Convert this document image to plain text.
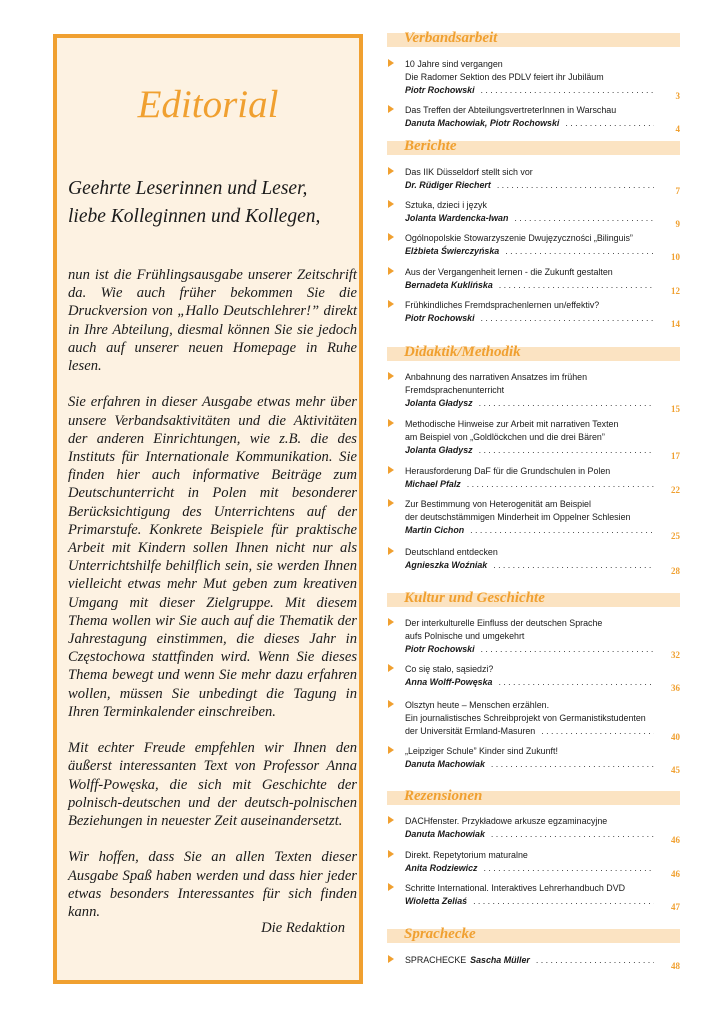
Editorial
Geehrte Leserinnen und Leser,
liebe Kolleginnen und Kollegen,

nun ist die Frühlingsausgabe unserer Zeitschrift da. Wie auch früher bekommen Sie die Druckversion von „Hallo Deutschlehrer!” direkt in Ihre Abteilung, diesmal können Sie sie jedoch auch auf unserer neuen Homepage in Ruhe lesen.

Sie erfahren in dieser Ausgabe etwas mehr über unsere Verbandsaktivitäten und die Aktivitäten der anderen Einrichtungen, wie z.B. die des Instituts für Internationale Kommunikation. Sie finden hier auch informative Beiträge zum Deutschunterricht in Polen mit besonderer Berücksichtigung des Unterrichtens auf der Primarstufe. Konkrete Beispiele für praktische Arbeit mit Kindern sollen Ihnen nicht nur als Unterrichtshilfe behilflich sein, sie werden Ihnen vielleicht etwas mehr Mut geben zum kreativen Umgang mit dieser Zielgruppe. Mit diesem Thema wollen wir Sie auch auf die Thematik der Jahrestagung einstimmen, die dieses Jahr in Częstochowa stattfinden wird. Wenn Sie dieses Thema bewegt und wenn Sie mehr dazu erfahren wollen, müssen Sie unbedingt die Tagung in Ihren Terminkalender einschreiben.

Mit echter Freude empfehlen wir Ihnen den äußerst interessanten Text von Professor Anna Wolff-Powęska, die sich mit Geschichte der polnisch-deutschen und der deutsch-polnischen Beziehungen in neuester Zeit auseinandersetzt.

Wir hoffen, dass Sie an allen Texten dieser Ausgabe Spaß haben werden und dass hier jeder etwas besonders Interessantes für sich finden kann.

Die Redaktion
Verbandsarbeit
10 Jahre sind vergangen
Die Radomer Sektion des PDLV feiert ihr Jubiläum
Piotr Rochowski
.....
3
Das Treffen der AbteilungsvertreterInnen in Warschau
Danuta Machowiak, Piotr Rochowski
.....
4
Berichte
Das IIK Düsseldorf stellt sich vor
Dr. Rüdiger Riechert
.....
7
Sztuka, dzieci i język
Jolanta Wardencka-Iwan
.....
9
Ogólnopolskie Stowarzyszenie Dwujęzyczności „Bilinguis”
Elżbieta Świerczyńska
.....
10
Aus der Vergangenheit lernen - die Zukunft gestalten
Bernadeta Kuklińska
.....
12
Frühkindliches Fremdsprachenlernen un/effektiv?
Piotr Rochowski
.....
14
Didaktik/Methodik
Anbahnung des narrativen Ansatzes im frühen
Fremdsprachenunterricht
Jolanta Gładysz
.....
15
Methodische Hinweise zur Arbeit mit narrativen Texten
am Beispiel von „Goldlöckchen und die drei Bären”
Jolanta Gładysz
.....
17
Herausforderung DaF für die Grundschulen in Polen
Michael Pfalz
.....
22
Zur Bestimmung von Heterogenität am Beispiel
der deutschstämmigen Minderheit im Oppelner Schlesien
Martin Cichon
.....
25
Deutschland entdecken
Agnieszka Woźniak
.....
28
Kultur und Geschichte
Der interkulturelle Einfluss der deutschen Sprache
aufs Polnische und umgekehrt
Piotr Rochowski
.....
32
Co się stało, sąsiedzi?
Anna Wolff-Powęska
.....
36
Olsztyn heute – Menschen erzählen.
Ein journalistisches Schreibprojekt von Germanistikstudenten
der Universität Ermland-Masuren
.....
40
„Leipziger Schule” Kinder sind Zukunft!
Danuta Machowiak
.....
45
Rezensionen
DACHfenster. Przykładowe arkusze egzaminacyjne
Danuta Machowiak
.....
46
Direkt. Repetytorium maturalne
Anita Rodziewicz
.....
46
Schritte International. Interaktives Lehrerhandbuch DVD
Wioletta Zeliaś
.....
47
Sprachecke
SPRACHECKE Sascha Müller
.....
48
